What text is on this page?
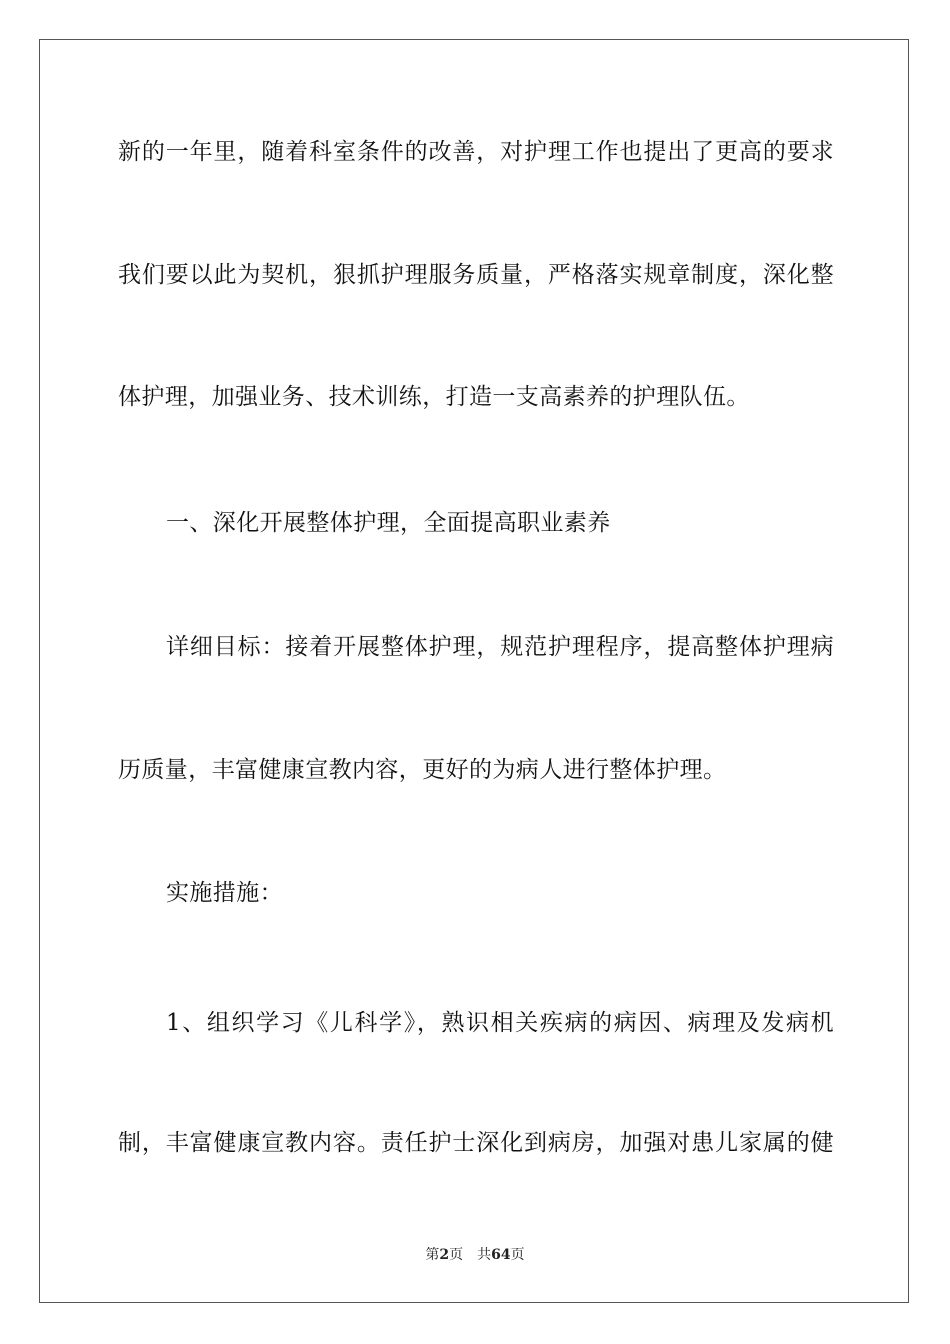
新的一年里，随着科室条件的改善，对护理工作也提出了更高的要求
我们要以此为契机，狠抓护理服务质量，严格落实规章制度，深化整
体护理，加强业务、技术训练，打造一支高素养的护理队伍。
一、深化开展整体护理，全面提高职业素养
详细目标：接着开展整体护理，规范护理程序，提高整体护理病
历质量，丰富健康宣教内容，更好的为病人进行整体护理。
实施措施：
1、组织学习《儿科学》，熟识相关疾病的病因、病理及发病机
制，丰富健康宣教内容。责任护士深化到病房，加强对患儿家属的健
第2页 共64页
